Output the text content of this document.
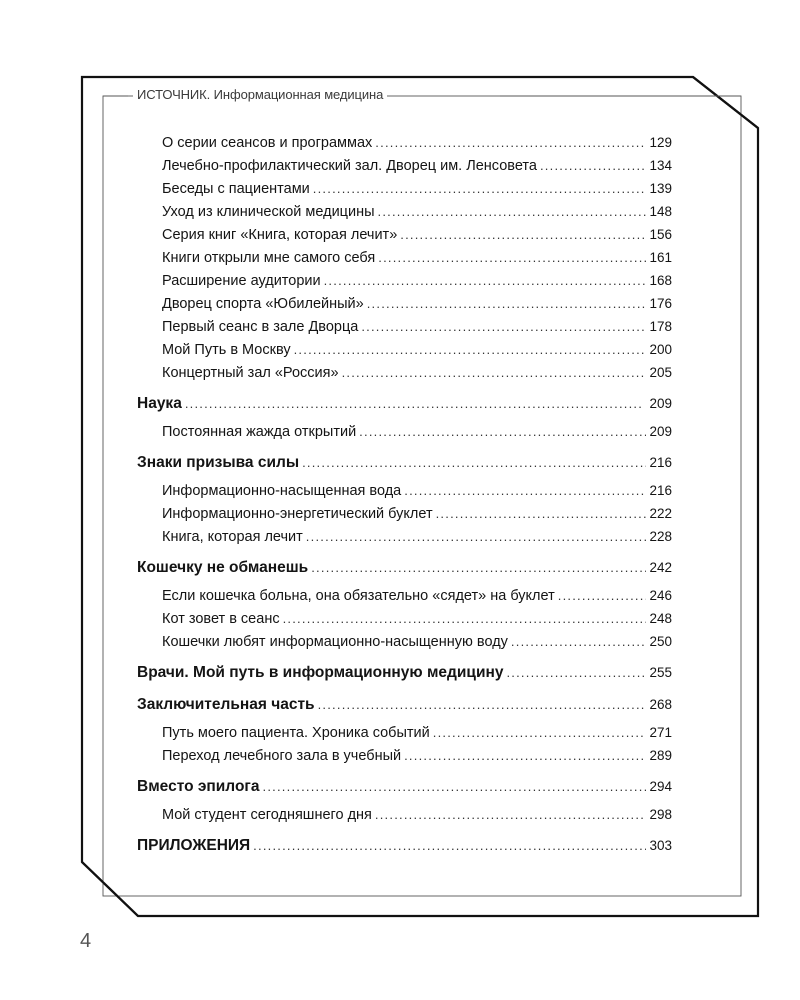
ИСТОЧНИК. Информационная медицина
О серии сеансов и программах . . .	129
Лечебно-профилактический зал. Дворец им. Ленсовета . . .	134
Беседы с пациентами . . .	139
Уход из клинической медицины . . .	148
Серия книг «Книга, которая лечит» . . .	156
Книги открыли мне самого себя . . .	161
Расширение аудитории . . .	168
Дворец спорта «Юбилейный» . . .	176
Первый сеанс в зале Дворца . . .	178
Мой Путь в Москву . . .	200
Концертный зал «Россия» . . .	205
Наука . . .	209
Постоянная жажда открытий . . .	209
Знаки призыва силы . . .	216
Информационно-насыщенная вода . . .	216
Информационно-энергетический буклет . . .	222
Книга, которая лечит . . .	228
Кошечку не обманешь . . .	242
Если кошечка больна, она обязательно «сядет» на буклет . . .	246
Кот зовет в сеанс . . .	248
Кошечки любят информационно-насыщенную воду . . .	250
Врачи. Мой путь в информационную медицину . . .	255
Заключительная часть . . .	268
Путь моего пациента. Хроника событий . . .	271
Переход лечебного зала в учебный . . .	289
Вместо эпилога . . .	294
Мой студент сегодняшнего дня . . .	298
ПРИЛОЖЕНИЯ . . .	303
4
